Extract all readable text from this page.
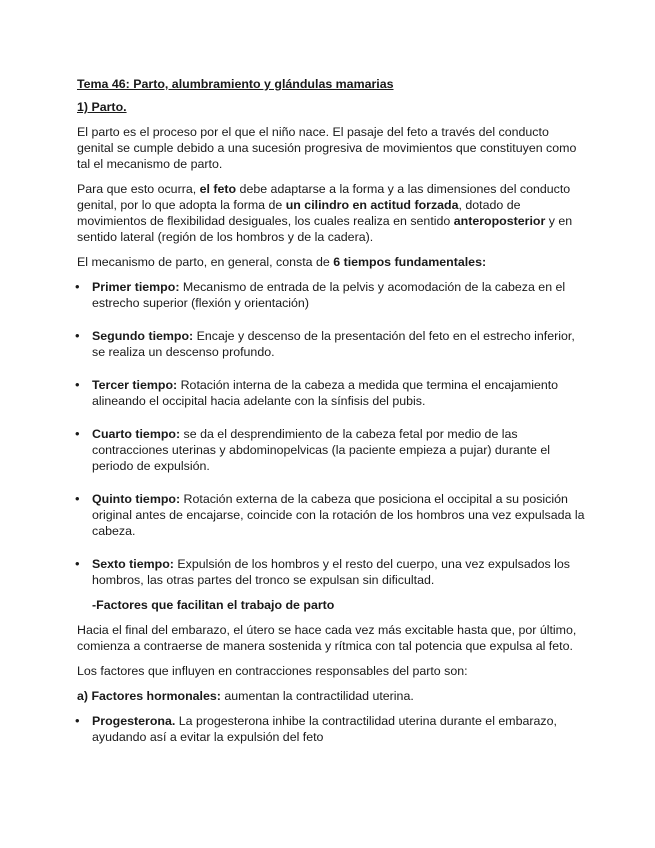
Tema 46: Parto, alumbramiento y glándulas mamarias
1) Parto.

El parto es el proceso por el que el niño nace. El pasaje del feto a través del conducto genital se cumple debido a una sucesión progresiva de movimientos que constituyen como tal el mecanismo de parto.

Para que esto ocurra, el feto debe adaptarse a la forma y a las dimensiones del conducto genital, por lo que adopta la forma de un cilindro en actitud forzada, dotado de movimientos de flexibilidad desiguales, los cuales realiza en sentido anteroposterior y en sentido lateral (región de los hombros y de la cadera).

El mecanismo de parto, en general, consta de 6 tiempos fundamentales:

• Primer tiempo: Mecanismo de entrada de la pelvis y acomodación de la cabeza en el estrecho superior (flexión y orientación)
• Segundo tiempo: Encaje y descenso de la presentación del feto en el estrecho inferior, se realiza un descenso profundo.
• Tercer tiempo: Rotación interna de la cabeza a medida que termina el encajamiento alineando el occipital hacia adelante con la sínfisis del pubis.
• Cuarto tiempo: se da el desprendimiento de la cabeza fetal por medio de las contracciones uterinas y abdominopelvicas (la paciente empieza a pujar) durante el periodo de expulsión.
• Quinto tiempo: Rotación externa de la cabeza que posiciona el occipital a su posición original antes de encajarse, coincide con la rotación de los hombros una vez expulsada la cabeza.
• Sexto tiempo: Expulsión de los hombros y el resto del cuerpo, una vez expulsados los hombros, las otras partes del tronco se expulsan sin dificultad.
-Factores que facilitan el trabajo de parto

Hacia el final del embarazo, el útero se hace cada vez más excitable hasta que, por último, comienza a contraerse de manera sostenida y rítmica con tal potencia que expulsa al feto.

Los factores que influyen en contracciones responsables del parto son:

a) Factores hormonales: aumentan la contractilidad uterina.

• Progesterona. La progesterona inhibe la contractilidad uterina durante el embarazo, ayudando así a evitar la expulsión del feto
